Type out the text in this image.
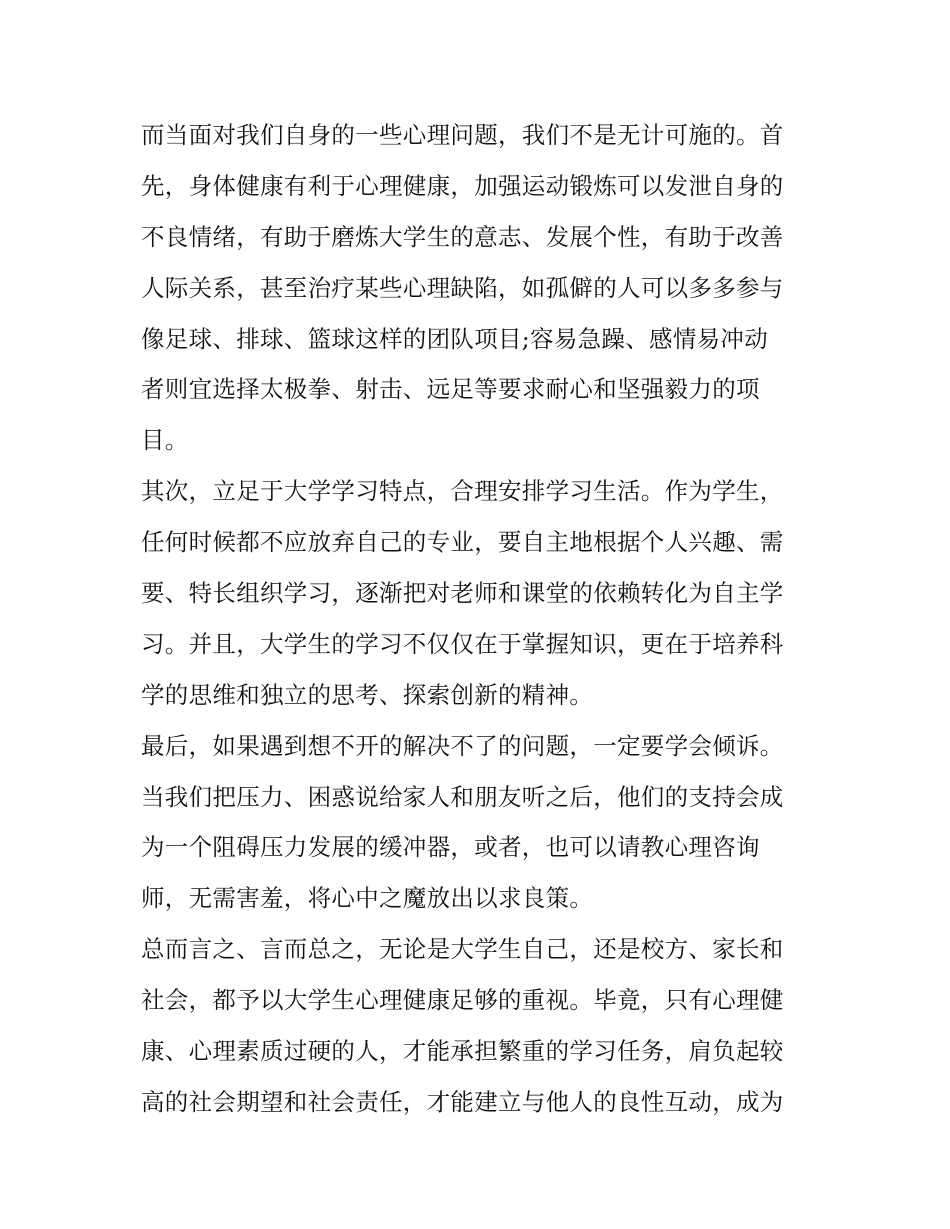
而当面对我们自身的一些心理问题，我们不是无计可施的。首
先，身体健康有利于心理健康，加强运动锻炼可以发泄自身的
不良情绪，有助于磨炼大学生的意志、发展个性，有助于改善
人际关系，甚至治疗某些心理缺陷，如孤僻的人可以多多参与
像足球、排球、篮球这样的团队项目;容易急躁、感情易冲动
者则宜选择太极拳、射击、远足等要求耐心和坚强毅力的项
目。
其次，立足于大学学习特点，合理安排学习生活。作为学生，
任何时候都不应放弃自己的专业，要自主地根据个人兴趣、需
要、特长组织学习，逐渐把对老师和课堂的依赖转化为自主学
习。并且，大学生的学习不仅仅在于掌握知识，更在于培养科
学的思维和独立的思考、探索创新的精神。
最后，如果遇到想不开的解决不了的问题，一定要学会倾诉。
当我们把压力、困惑说给家人和朋友听之后，他们的支持会成
为一个阻碍压力发展的缓冲器，或者，也可以请教心理咨询
师，无需害羞，将心中之魔放出以求良策。
总而言之、言而总之，无论是大学生自己，还是校方、家长和
社会，都予以大学生心理健康足够的重视。毕竟，只有心理健
康、心理素质过硬的人，才能承担繁重的学习任务，肩负起较
高的社会期望和社会责任，才能建立与他人的良性互动，成为
